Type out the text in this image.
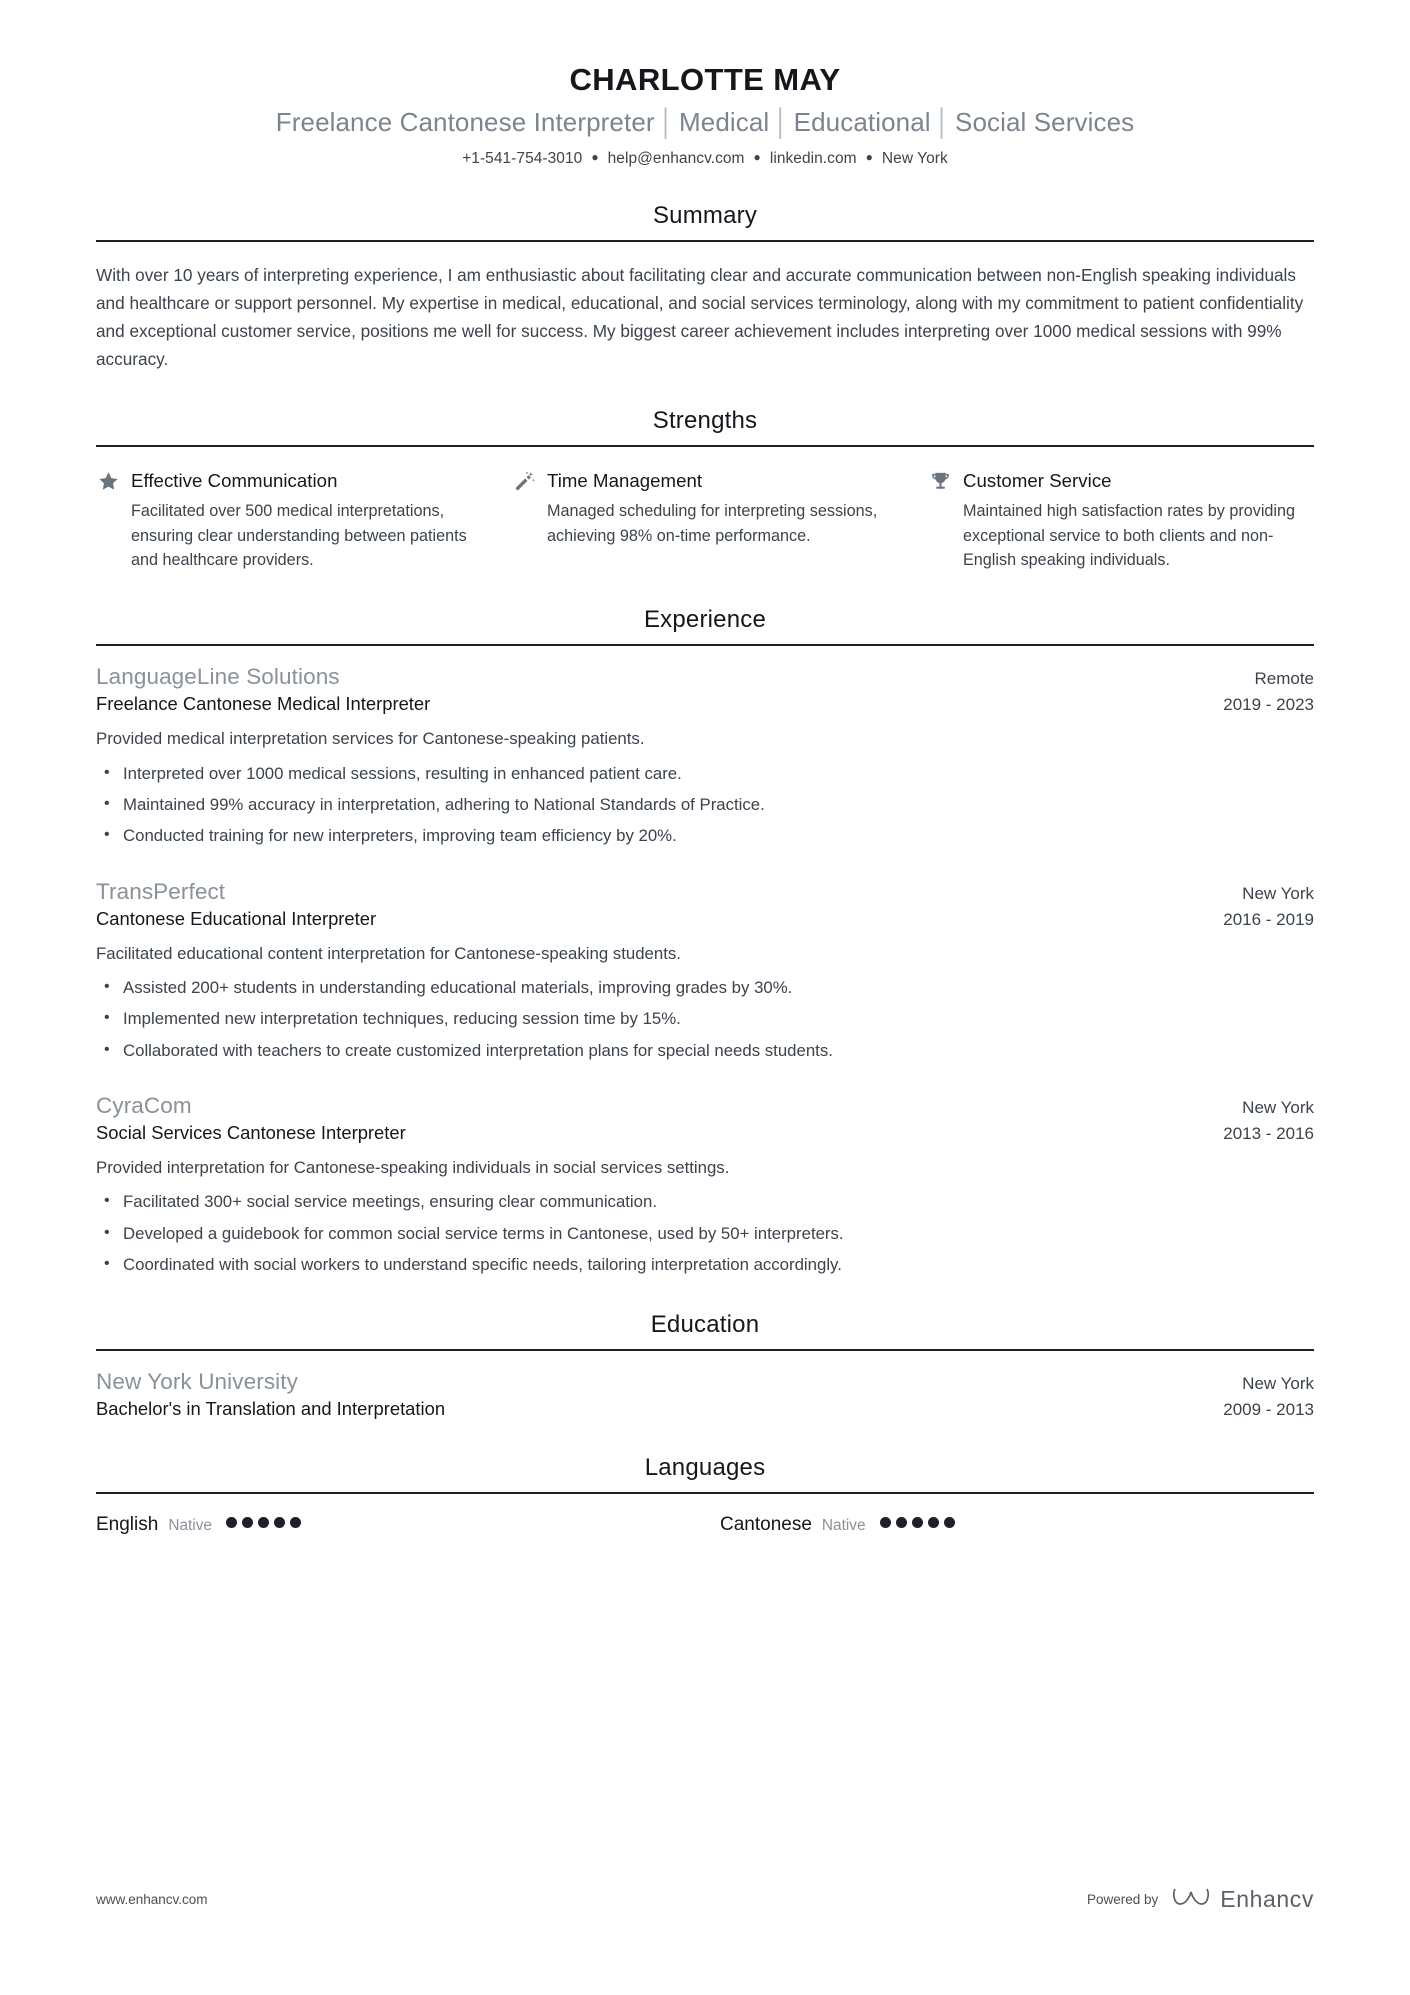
CHARLOTTE MAY
Freelance Cantonese Interpreter │ Medical │ Educational │ Social Services
+1-541-754-3010 ● help@enhancv.com ● linkedin.com ● New York
Summary

With over 10 years of interpreting experience, I am enthusiastic about facilitating clear and accurate communication between non-English speaking individuals and healthcare or support personnel. My expertise in medical, educational, and social services terminology, along with my commitment to patient confidentiality and exceptional customer service, positions me well for success. My biggest career achievement includes interpreting over 1000 medical sessions with 99% accuracy.

Strengths
Effective Communication
Facilitated over 500 medical interpretations, ensuring clear understanding between patients and healthcare providers.
Time Management
Managed scheduling for interpreting sessions, achieving 98% on-time performance.
Customer Service
Maintained high satisfaction rates by providing exceptional service to both clients and non-English speaking individuals.
Experience
LanguageLine Solutions	Remote
Freelance Cantonese Medical Interpreter	2019 - 2023
Provided medical interpretation services for Cantonese-speaking patients.
• Interpreted over 1000 medical sessions, resulting in enhanced patient care.
• Maintained 99% accuracy in interpretation, adhering to National Standards of Practice.
• Conducted training for new interpreters, improving team efficiency by 20%.
TransPerfect	New York
Cantonese Educational Interpreter	2016 - 2019
Facilitated educational content interpretation for Cantonese-speaking students.
• Assisted 200+ students in understanding educational materials, improving grades by 30%.
• Implemented new interpretation techniques, reducing session time by 15%.
• Collaborated with teachers to create customized interpretation plans for special needs students.
CyraCom	New York
Social Services Cantonese Interpreter	2013 - 2016
Provided interpretation for Cantonese-speaking individuals in social services settings.
• Facilitated 300+ social service meetings, ensuring clear communication.
• Developed a guidebook for common social service terms in Cantonese, used by 50+ interpreters.
• Coordinated with social workers to understand specific needs, tailoring interpretation accordingly.
Education
New York University	New York
Bachelor's in Translation and Interpretation	2009 - 2013
Languages
English Native	Cantonese Native
www.enhancv.com	Powered by	Enhancv
